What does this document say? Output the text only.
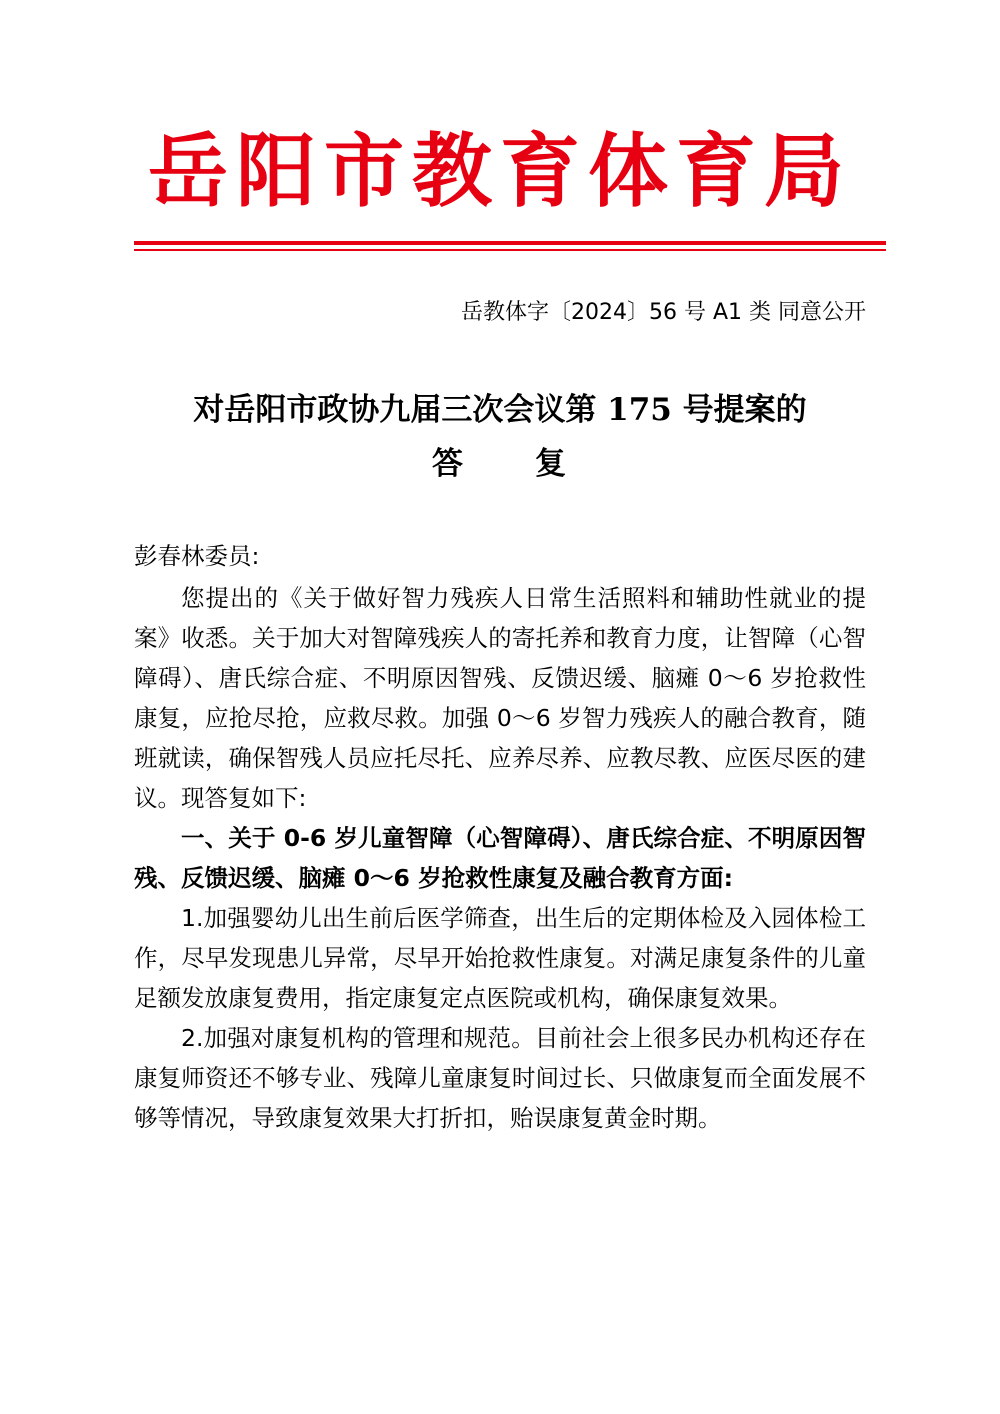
岳阳市教育体育局
岳教体字〔2024〕56 号 A1 类 同意公开
对岳阳市政协九届三次会议第 175 号提案的
答 复

彭春林委员:

您提出的《关于做好智力残疾人日常生活照料和辅助性就业的提案》收悉。关于加大对智障残疾人的寄托养和教育力度，让智障（心智障碍）、唐氏综合症、不明原因智残、反馈迟缓、脑瘫 0～6 岁抢救性康复，应抢尽抢，应救尽救。加强 0～6 岁智力残疾人的融合教育，随班就读，确保智残人员应托尽托、应养尽养、应教尽教、应医尽医的建议。现答复如下:

一、关于 0-6 岁儿童智障（心智障碍）、唐氏综合症、不明原因智残、反馈迟缓、脑瘫 0～6 岁抢救性康复及融合教育方面:

1.加强婴幼儿出生前后医学筛查，出生后的定期体检及入园体检工作，尽早发现患儿异常，尽早开始抢救性康复。对满足康复条件的儿童足额发放康复费用，指定康复定点医院或机构，确保康复效果。

2.加强对康复机构的管理和规范。目前社会上很多民办机构还存在康复师资还不够专业、残障儿童康复时间过长、只做康复而全面发展不够等情况，导致康复效果大打折扣，贻误康复黄金时期。
